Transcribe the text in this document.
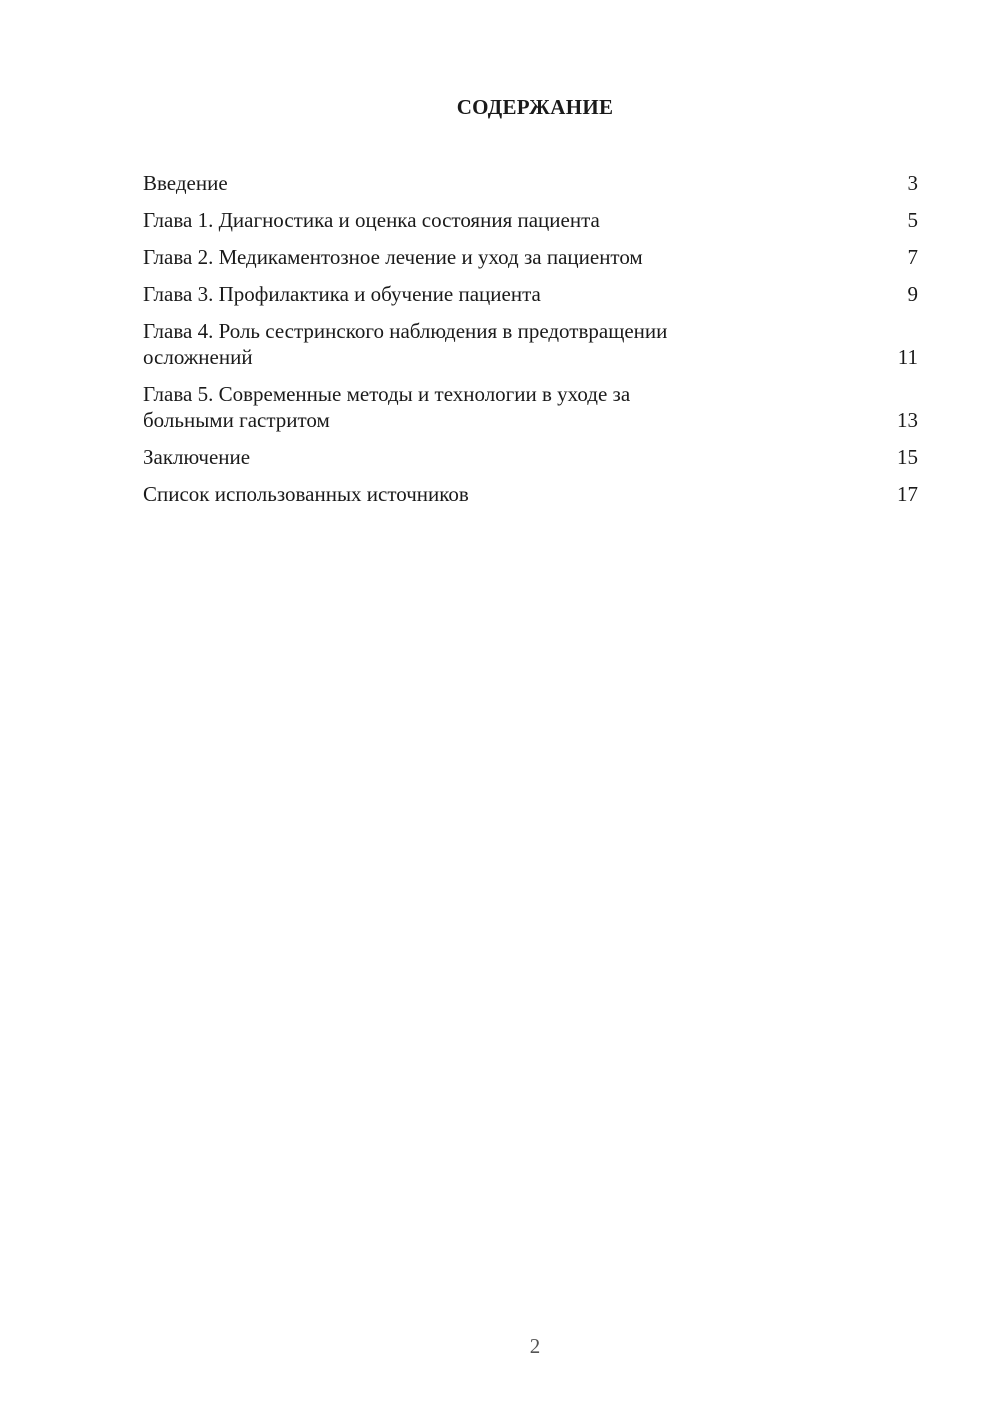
СОДЕРЖАНИЕ
Введение	3
Глава 1. Диагностика и оценка состояния пациента	5
Глава 2. Медикаментозное лечение и уход за пациентом	7
Глава 3. Профилактика и обучение пациента	9
Глава 4. Роль сестринского наблюдения в предотвращении
осложнений	11
Глава 5. Современные методы и технологии в уходе за
больными гастритом	13
Заключение	15
Список использованных источников	17
2
